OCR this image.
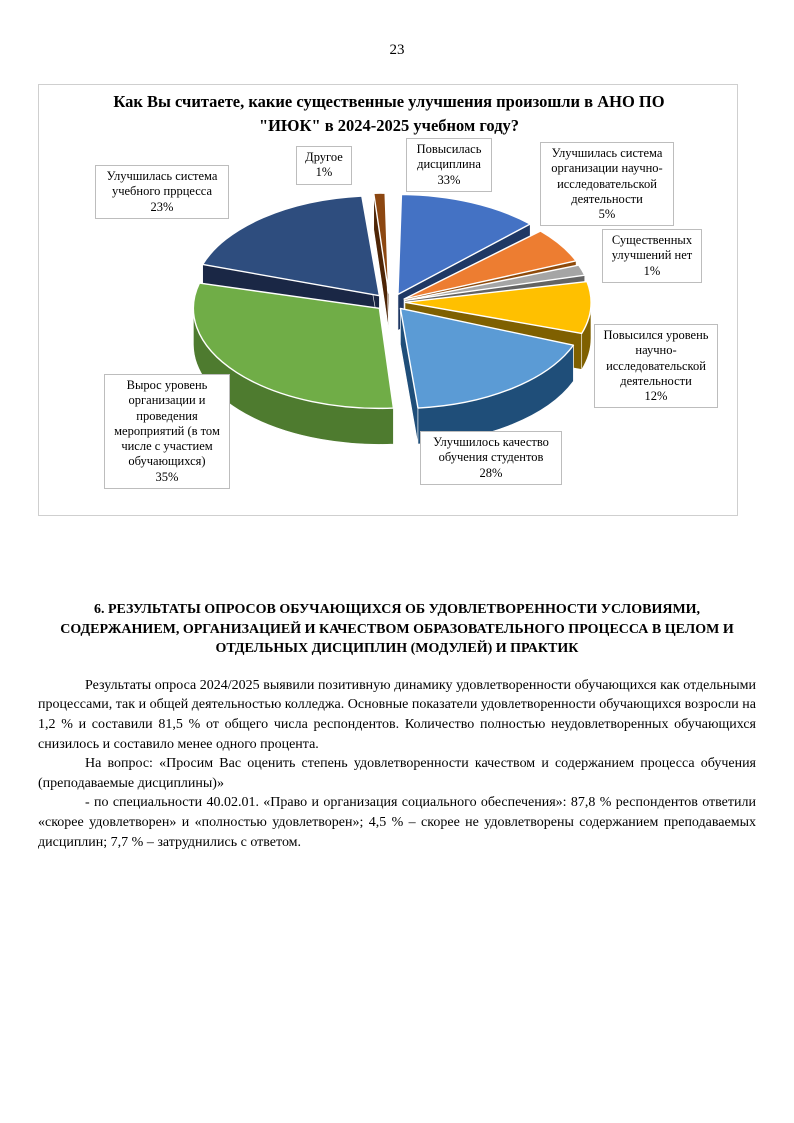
23
Как Вы считаете, какие существенные улучшения произошли в АНО ПО "ИЮК" в 2024-2025 учебном году?
Улучшилась система учебного пррцесса
23%
Другое
1%
Повысилась дисциплина
33%
Улучшилась система организации научно-исследовательской деятельности
5%
Существенных улучшений нет
1%
Повысился уровень научно-исследовательской деятельности
12%
Улучшилось качество обучения студентов
28%
Вырос уровень организации и проведения мероприятий (в том числе с участием обучающихся)
35%
6. РЕЗУЛЬТАТЫ ОПРОСОВ ОБУЧАЮЩИХСЯ ОБ УДОВЛЕТВОРЕННОСТИ УСЛОВИЯМИ, СОДЕРЖАНИЕМ, ОРГАНИЗАЦИЕЙ И КАЧЕСТВОМ ОБРАЗОВАТЕЛЬНОГО ПРОЦЕССА В ЦЕЛОМ И ОТДЕЛЬНЫХ ДИСЦИПЛИН (МОДУЛЕЙ) И ПРАКТИК

Результаты опроса 2024/2025 выявили позитивную динамику удовлетворенности обучающихся как отдельными процессами, так и общей деятельностью колледжа. Основные показатели удовлетворенности обучающихся возросли на 1,2 % и составили 81,5 % от общего числа респондентов. Количество полностью неудовлетворенных обучающихся снизилось и составило менее одного процента.

На вопрос: «Просим Вас оценить степень удовлетворенности качеством и содержанием процесса обучения (преподаваемые дисциплины)»

- по специальности 40.02.01. «Право и организация социального обеспечения»: 87,8 % респондентов ответили «скорее удовлетворен» и «полностью удовлетворен»; 4,5 % – скорее не удовлетворены содержанием преподаваемых дисциплин; 7,7 % – затруднились с ответом.
